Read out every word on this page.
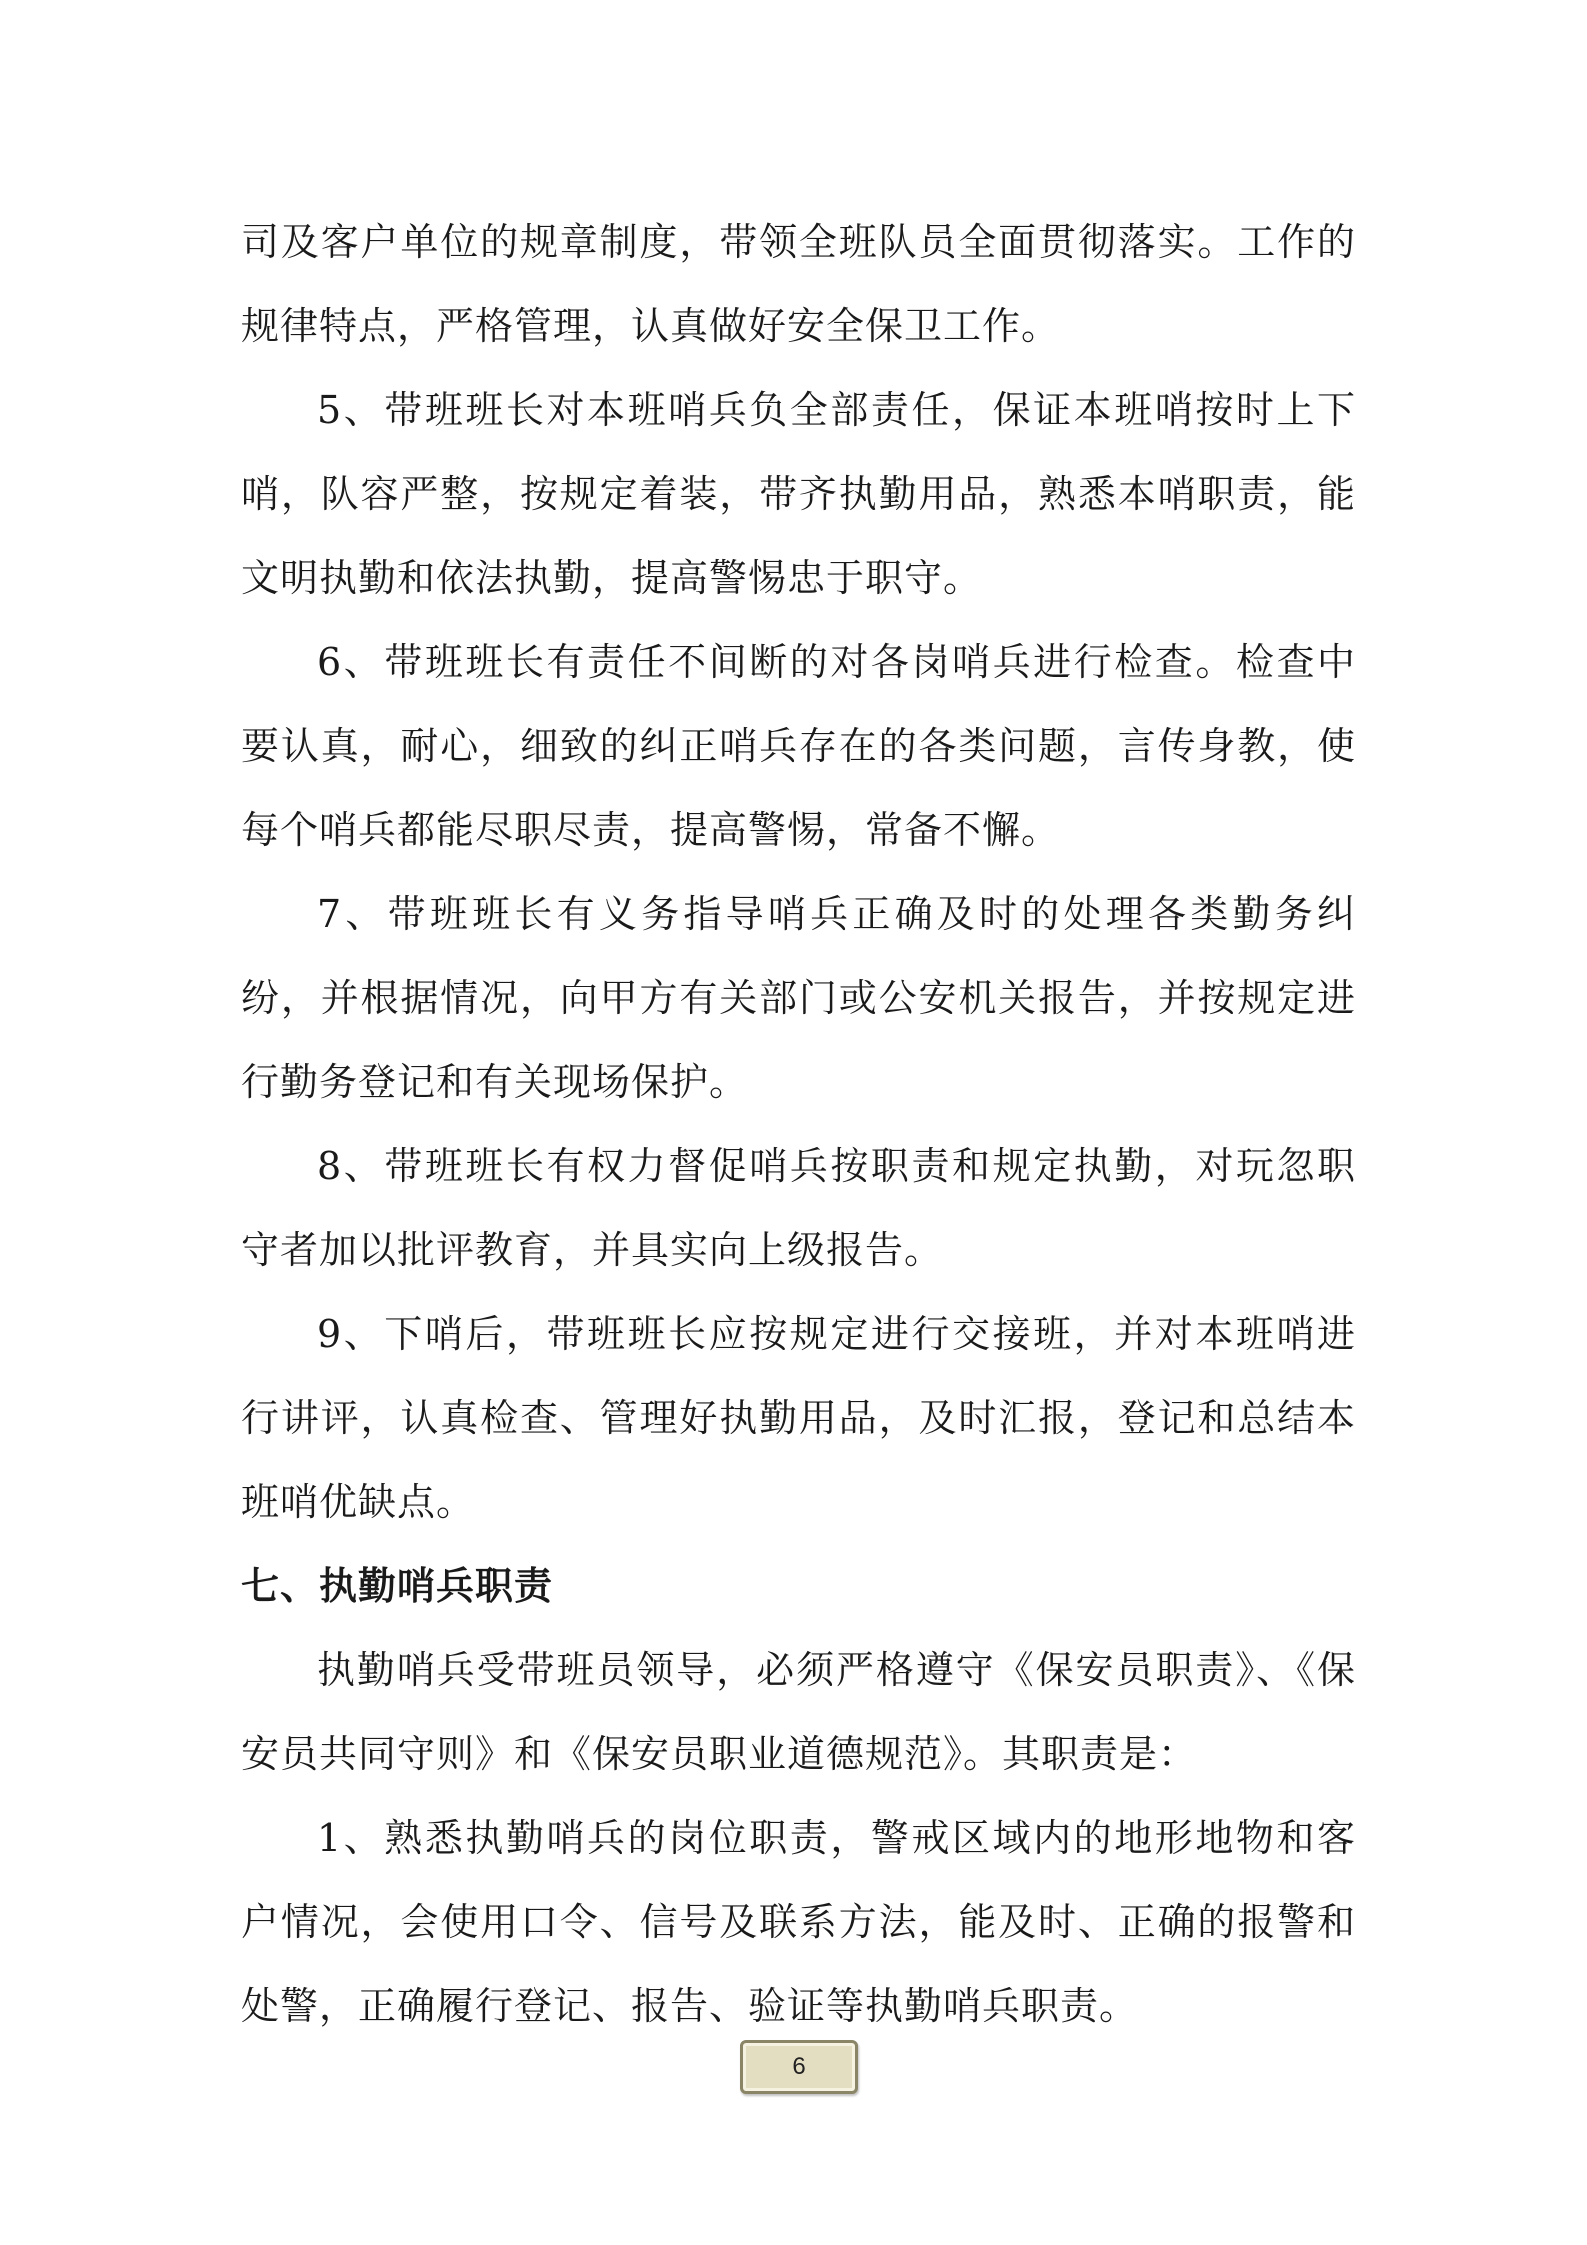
司及客户单位的规章制度，带领全班队员全面贯彻落实。工作的规律特点，严格管理，认真做好安全保卫工作。

5、带班班长对本班哨兵负全部责任，保证本班哨按时上下哨，队容严整，按规定着装，带齐执勤用品，熟悉本哨职责，能文明执勤和依法执勤，提高警惕忠于职守。

6、带班班长有责任不间断的对各岗哨兵进行检查。检查中要认真，耐心，细致的纠正哨兵存在的各类问题，言传身教，使每个哨兵都能尽职尽责，提高警惕，常备不懈。

7、带班班长有义务指导哨兵正确及时的处理各类勤务纠纷，并根据情况，向甲方有关部门或公安机关报告，并按规定进行勤务登记和有关现场保护。

8、带班班长有权力督促哨兵按职责和规定执勤，对玩忽职守者加以批评教育，并具实向上级报告。

9、下哨后，带班班长应按规定进行交接班，并对本班哨进行讲评，认真检查、管理好执勤用品，及时汇报，登记和总结本班哨优缺点。

七、执勤哨兵职责

执勤哨兵受带班员领导，必须严格遵守《保安员职责》、《保安员共同守则》和《保安员职业道德规范》。其职责是：

1、熟悉执勤哨兵的岗位职责，警戒区域内的地形地物和客户情况，会使用口令、信号及联系方法，能及时、正确的报警和处警，正确履行登记、报告、验证等执勤哨兵职责。

6
